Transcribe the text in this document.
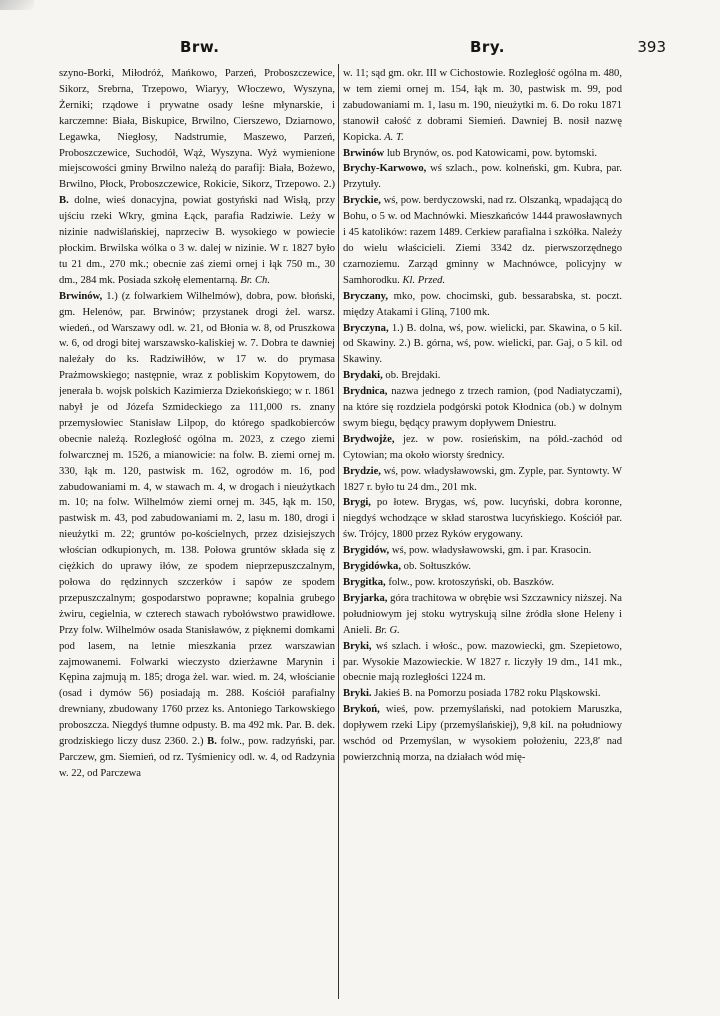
Brw.	Bry.	393

szyno-Borki, Miłodróż, Mańkowo, Parzeń, Proboszczewice, Sikorz, Srebrna, Trzepowo, Wiaryy, Włoczewo, Wyszyna, Żerniki; rządowe i prywatne osady leśne młynarskie, i karczemne: Biała, Biskupice, Brwilno, Cierszewo, Dziarnowo, Legawka, Niegłosy, Nadstrumie, Maszewo, Parzeń, Proboszczewice, Suchodół, Wąż, Wyszyna. Wyż wymienione miejscowości gminy Brwilno należą do parafij: Biała, Bożewo, Brwilno, Płock, Proboszczewice, Rokicie, Sikorz, Trzepowo. 2.) B. dolne, wieś donacyjna, powiat gostyński nad Wisłą, przy ujściu rzeki Wkry, gmina Łąck, parafia Radziwie. Leży w nizinie nadwiślańskiej, naprzeciw B. wysokiego w powiecie płockim. Brwilska wólka o 3 w. dalej w nizinie. W r. 1827 było tu 21 dm., 270 mk.; obecnie zaś ziemi ornej i łąk 750 m., 30 dm., 284 mk. Posiada szkołę elementarną. Br. Ch.

Brwinów, 1.) (z folwarkiem Wilhelmów), dobra, pow. błoński, gm. Helenów, par. Brwinów; przystanek drogi żel. warsz. wiedeń., od Warszawy odl. w. 21, od Błonia w. 8, od Pruszkowa w. 6, od drogi bitej warszawsko-kaliskiej w. 7. Dobra te dawniej należały do ks. Radziwiłłów, w 17 w. do prymasa Prażmowskiego; następnie, wraz z pobliskim Kopytowem, do jenerała b. wojsk polskich Kazimierza Dziekońskiego; w r. 1861 nabył je od Józefa Szmideckiego za 111,000 rs. znany przemysłowiec Stanisław Lilpop, do którego spadkobierców obecnie należą. Rozległość ogólna m. 2023, z czego ziemi folwarcznej m. 1526, a mianowicie: na folw. B. ziemi ornej m. 330, łąk m. 120, pastwisk m. 162, ogrodów m. 16, pod zabudowaniami m. 4, w stawach m. 4, w drogach i nieużytkach m. 10; na folw. Wilhelmów ziemi ornej m. 345, łąk m. 150, pastwisk m. 43, pod zabudowaniami m. 2, lasu m. 180, drogi i nieużytki m. 22; gruntów po-kościelnych, przez dzisiejszych włościan odkupionych, m. 138. Połowa gruntów składa się z ciężkich do uprawy iłów, ze spodem nieprzepuszczalnym, połowa do rędzinnych szczerków i sapów ze spodem przepuszczalnym; gospodarstwo poprawne; kopalnia grubego żwiru, cegielnia, w czterech stawach rybołówstwo prawidłowe. Przy folw. Wilhelmów osada Stanisławów, z pięknemi domkami pod lasem, na letnie mieszkania przez warszawian zajmowanemi. Folwarki wieczysto dzierżawne Marynin i Kępina zajmują m. 185; droga żel. war. wied. m. 24, włościanie (osad i dymów 56) posiadają m. 288. Kościół parafialny drewniany, zbudowany 1760 przez ks. Antoniego Tarkowskiego proboszcza. Niegdyś tłumne odpusty. B. ma 492 mk. Par. B. dek. grodziskiego liczy dusz 2360. 2.) B. folw., pow. radzyński, par. Parczew, gm. Siemień, od rz. Tyśmienicy odl. w. 4, od Radzynia w. 22, od Parczewa

w. 11; sąd gm. okr. III w Cichostowie. Rozległość ogólna m. 480, w tem ziemi ornej m. 154, łąk m. 30, pastwisk m. 99, pod zabudowaniami m. 1, lasu m. 190, nieużytki m. 6. Do roku 1871 stanowił całość z dobrami Siemień. Dawniej B. nosił nazwę Kopicka. A. T.

Brwinów lub Brynów, os. pod Katowicami, pow. bytomski.

Brychy-Karwowo, wś szlach., pow. kolneński, gm. Kubra, par. Przytuły.

Bryckie, wś, pow. berdyczowski, nad rz. Olszanką, wpadającą do Bohu, o 5 w. od Machnówki. Mieszkańców 1444 prawosławnych i 45 katolików: razem 1489. Cerkiew parafialna i szkółka. Należy do wielu właścicieli. Ziemi 3342 dz. pierwszorzędnego czarnoziemu. Zarząd gminny w Machnówce, policyjny w Samhorodku. Kl. Przed.

Bryczany, mko, pow. chocimski, gub. bessarabska, st. poczt. między Atakami i Gliną, 7100 mk.

Bryczyna, 1.) B. dolna, wś, pow. wielicki, par. Skawina, o 5 kil. od Skawiny. 2.) B. górna, wś, pow. wielicki, par. Gaj, o 5 kil. od Skawiny.

Brydaki, ob. Brejdaki.

Brydnica, nazwa jednego z trzech ramion, (pod Nadiatyczami), na które się rozdziela podgórski potok Kłodnica (ob.) w dolnym swym biegu, będący prawym dopływem Dniestru.

Brydwojże, jez. w pow. rosieńskim, na półd.-zachód od Cytowian; ma około wiorsty średnicy.

Brydzie, wś, pow. władysławowski, gm. Zyple, par. Syntowty. W 1827 r. było tu 24 dm., 201 mk.

Brygi, po łotew. Brygas, wś, pow. lucyński, dobra koronne, niegdyś wchodzące w skład starostwa lucyńskiego. Kościół par. św. Trójcy, 1800 przez Ryków erygowany.

Brygidów, wś, pow. władysławowski, gm. i par. Krasocin.

Brygidówka, ob. Sołtuszków.

Brygitka, folw., pow. krotoszyński, ob. Baszków.

Bryjarka, góra trachitowa w obrębie wsi Szczawnicy niższej. Na południowym jej stoku wytryskują silne źródła słone Heleny i Anieli. Br. G.

Bryki, wś szlach. i włośc., pow. mazowiecki, gm. Szepietowo, par. Wysokie Mazowieckie. W 1827 r. liczyły 19 dm., 141 mk., obecnie mają rozległości 1224 m.

Bryki. Jakieś B. na Pomorzu posiada 1782 roku Pląskowski.

Brykoń, wieś, pow. przemyślański, nad potokiem Maruszka, dopływem rzeki Lipy (przemyślańskiej), 9,8 kil. na południowy wschód od Przemyślan, w wysokiem położeniu, 223,8' nad powierzchnią morza, na działach wód mię-
